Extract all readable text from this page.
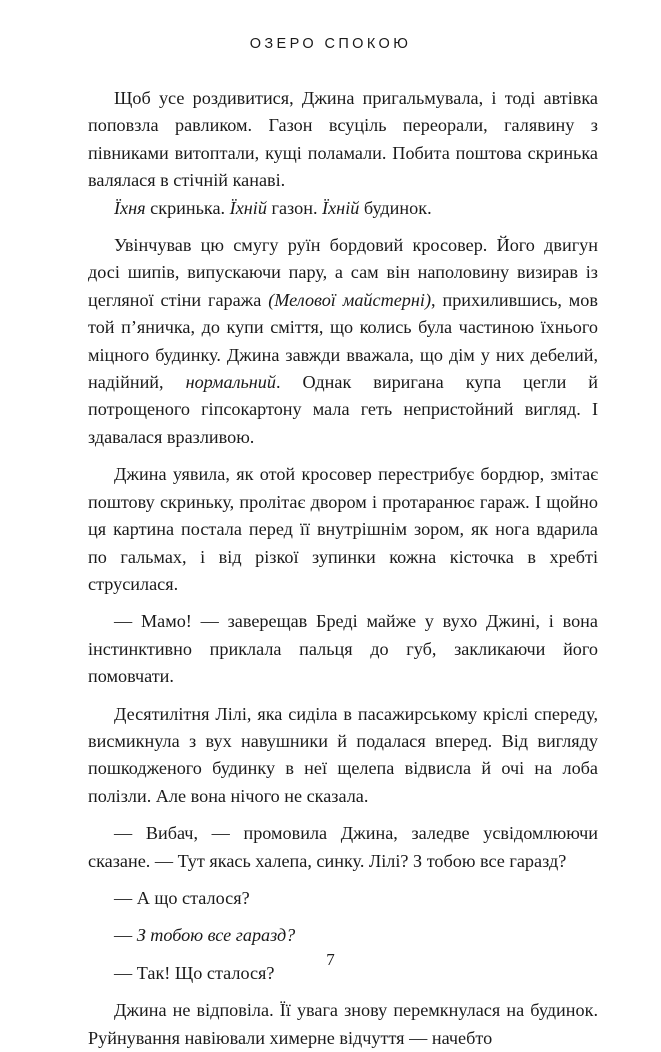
ОЗЕРО СПОКОЮ

Щоб усе роздивитися, Джина пригальмувала, і тоді автівка поповзла равликом. Газон всуціль переорали, галявину з півниками витоптали, кущі поламали. Побита поштова скринька валялася в стічній канаві.

Їхня скринька. Їхній газон. Їхній будинок.

Увінчував цю смугу руїн бордовий кросовер. Його двигун досі шипів, випускаючи пару, а сам він наполовину визирав із цегляної стіни гаража (Мелової майстерні), прихилившись, мов той п’яничка, до купи сміття, що колись була частиною їхнього міцного будинку. Джина завжди вважала, що дім у них дебелий, надійний, нормальний. Однак виригана купа цегли й потрощеного гіпсокартону мала геть непристойний вигляд. І здавалася вразливою.

Джина уявила, як отой кросовер перестрибує бордюр, змітає поштову скриньку, пролітає двором і протаранює гараж. І щойно ця картина постала перед її внутрішнім зором, як нога вдарила по гальмах, і від різкої зупинки кожна кісточка в хребті струсилася.

— Мамо! — заверещав Бреді майже у вухо Джині, і вона інстинктивно приклала пальця до губ, закликаючи його помовчати.

Десятилітня Лілі, яка сиділа в пасажирському кріслі спереду, висмикнула з вух навушники й подалася вперед. Від вигляду пошкодженого будинку в неї щелепа відвисла й очі на лоба полізли. Але вона нічого не сказала.

— Вибач, — промовила Джина, заледве усвідомлюючи сказане. — Тут якась халепа, синку. Лілі? З тобою все гаразд?

— А що сталося?

— З тобою все гаразд?

— Так! Що сталося?

Джина не відповіла. Її увага знову перемкнулася на будинок. Руйнування навіювали химерне відчуття — начебто

7
